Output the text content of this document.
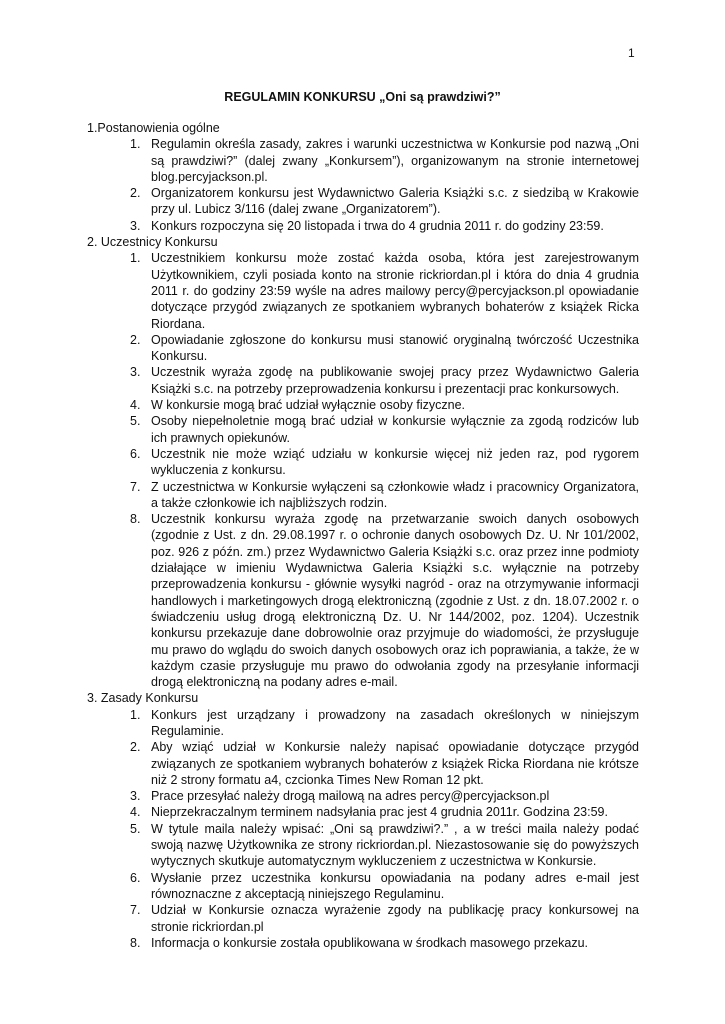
1
REGULAMIN KONKURSU „Oni są prawdziwi?”
1.Postanowienia ogólne
1. Regulamin określa zasady, zakres i warunki uczestnictwa w Konkursie pod nazwą „Oni są prawdziwi?” (dalej zwany „Konkursem”), organizowanym na stronie internetowej blog.percyjackson.pl.
2. Organizatorem konkursu jest Wydawnictwo Galeria Książki s.c. z siedzibą w Krakowie przy ul. Lubicz 3/116 (dalej zwane „Organizatorem”).
3. Konkurs rozpoczyna się 20 listopada i trwa do 4 grudnia 2011 r. do godziny 23:59.
2. Uczestnicy Konkursu
1. Uczestnikiem konkursu może zostać każda osoba, która jest zarejestrowanym Użytkownikiem, czyli posiada konto na stronie rickriordan.pl i która do dnia 4 grudnia 2011 r. do godziny 23:59 wyśle na adres mailowy percy@percyjackson.pl opowiadanie dotyczące przygód związanych ze spotkaniem wybranych bohaterów z książek Ricka Riordana.
2. Opowiadanie zgłoszone do konkursu musi stanowić oryginalną twórczość Uczestnika Konkursu.
3. Uczestnik wyraża zgodę na publikowanie swojej pracy przez Wydawnictwo Galeria Książki s.c. na potrzeby przeprowadzenia konkursu i prezentacji prac konkursowych.
4. W konkursie mogą brać udział wyłącznie osoby fizyczne.
5. Osoby niepełnoletnie mogą brać udział w konkursie wyłącznie za zgodą rodziców lub ich prawnych opiekunów.
6. Uczestnik nie może wziąć udziału w konkursie więcej niż jeden raz, pod rygorem wykluczenia z konkursu.
7. Z uczestnictwa w Konkursie wyłączeni są członkowie władz i pracownicy Organizatora, a także członkowie ich najbliższych rodzin.
8. Uczestnik konkursu wyraża zgodę na przetwarzanie swoich danych osobowych (zgodnie z Ust. z dn. 29.08.1997 r. o ochronie danych osobowych Dz. U. Nr 101/2002, poz. 926 z późn. zm.) przez Wydawnictwo Galeria Książki s.c. oraz przez inne podmioty działające w imieniu Wydawnictwa Galeria Książki s.c. wyłącznie na potrzeby przeprowadzenia konkursu - głównie wysyłki nagród - oraz na otrzymywanie informacji handlowych i marketingowych drogą elektroniczną (zgodnie z Ust. z dn. 18.07.2002 r. o świadczeniu usług drogą elektroniczną Dz. U. Nr 144/2002, poz. 1204). Uczestnik konkursu przekazuje dane dobrowolnie oraz przyjmuje do wiadomości, że przysługuje mu prawo do wglądu do swoich danych osobowych oraz ich poprawiania, a także, że w każdym czasie przysługuje mu prawo do odwołania zgody na przesyłanie informacji drogą elektroniczną na podany adres e-mail.
3. Zasady Konkursu
1. Konkurs jest urządzany i prowadzony na zasadach określonych w niniejszym Regulaminie.
2. Aby wziąć udział w Konkursie należy napisać opowiadanie dotyczące przygód związanych ze spotkaniem wybranych bohaterów z książek Ricka Riordana nie krótsze niż 2 strony formatu a4, czcionka Times New Roman 12 pkt.
3. Prace przesyłać należy drogą mailową na adres percy@percyjackson.pl
4. Nieprzekraczalnym terminem nadsyłania prac jest 4 grudnia 2011r. Godzina 23:59.
5. W tytule maila należy wpisać: „Oni są prawdziwi?.” , a w treści maila należy podać swoją nazwę Użytkownika ze strony rickriordan.pl. Niezastosowanie się do powyższych wytycznych skutkuje automatycznym wykluczeniem z uczestnictwa w Konkursie.
6. Wysłanie przez uczestnika konkursu opowiadania na podany adres e-mail jest równoznaczne z akceptacją niniejszego Regulaminu.
7. Udział w Konkursie oznacza wyrażenie zgody na publikację pracy konkursowej na stronie rickriordan.pl
8. Informacja o konkursie została opublikowana w środkach masowego przekazu.
